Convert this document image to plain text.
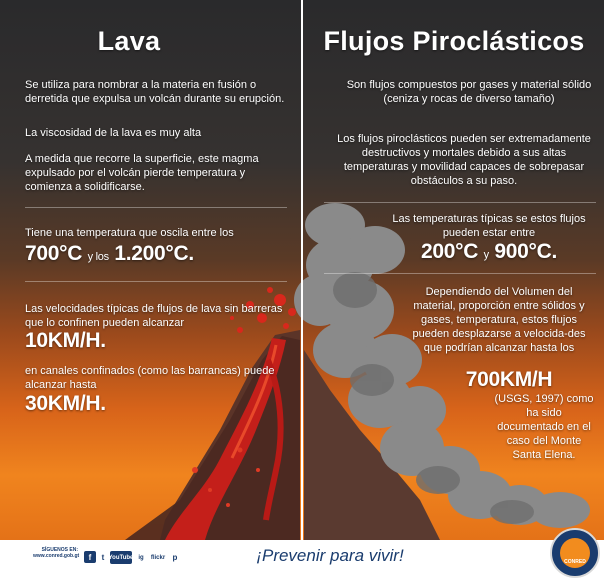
Lava
Se utiliza para nombrar a la materia en fusión o derretida que expulsa un volcán durante su erupción.
La viscosidad de la lava es muy alta
A medida que recorre la superficie, este magma expulsado por el volcán pierde temperatura y comienza a solidificarse.
Tiene una temperatura que oscila entre los
700°C y los 1.200°C.
Las velocidades típicas de flujos de lava sin barreras que lo confinen pueden alcanzar
10KM/H.
en canales confinados (como las barrancas) puede alcanzar hasta
30KM/H.
Flujos Piroclásticos
Son flujos compuestos por gases y material sólido (ceniza y rocas de diverso tamaño)
Los flujos piroclásticos pueden ser extremadamente destructivos y mortales debido a sus altas temperaturas y movilidad capaces de sobrepasar obstáculos a su paso.
Las temperaturas típicas se estos flujos pueden estar entre
200°C y 900°C.
Dependiendo del Volumen del material, proporción entre sólidos y gases, temperatura, estos flujos pueden desplazarse a velocida-des que podrían alcanzar hasta los
700KM/H
(USGS, 1997) como ha sido documentado en el caso del Monte Santa Elena.
SÍGUENOS EN:
www.conred.gob.gt	f	t YouTube ig	flickr p	¡Prevenir para vivir!	CONRED
